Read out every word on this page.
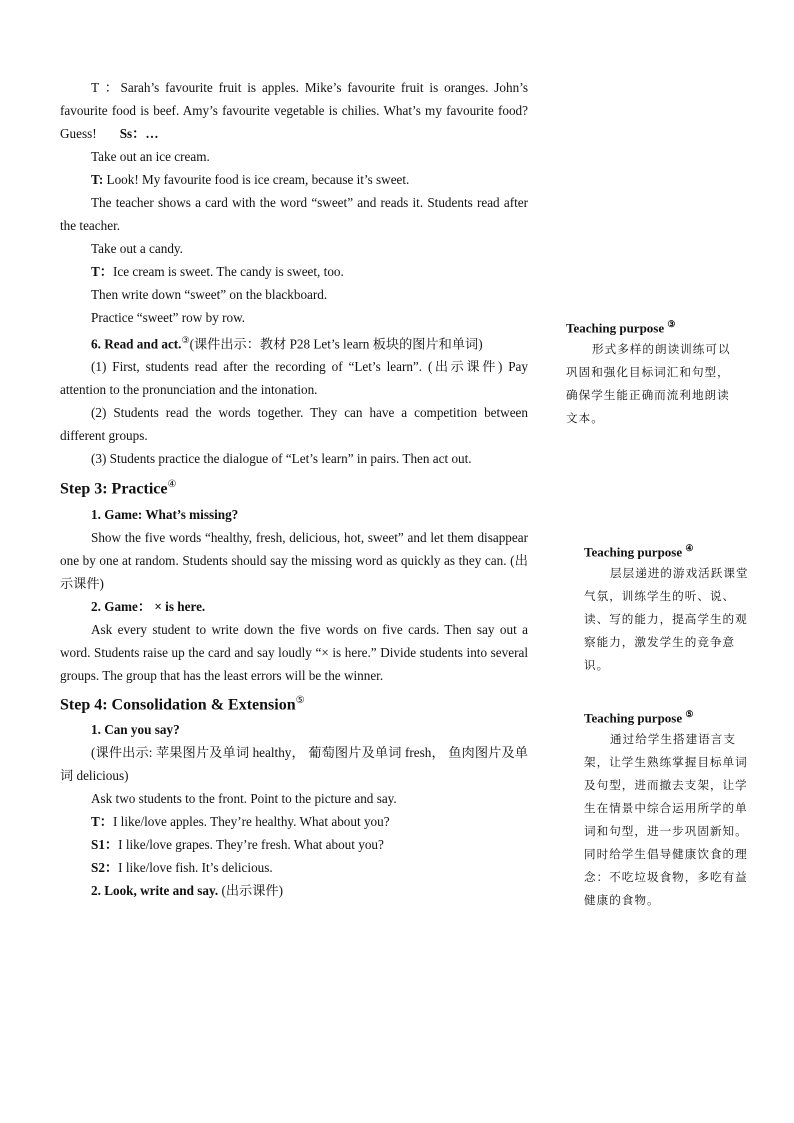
T ：Sarah’s favourite fruit is apples. Mike’s favourite fruit is oranges. John’s favourite food is beef. Amy’s favourite vegetable is chilies. What’s my favourite food? Guess! Ss：…

Take out an ice cream.

T: Look! My favourite food is ice cream, because it’s sweet.

The teacher shows a card with the word “sweet” and reads it. Students read after the teacher.

Take out a candy.

T：Ice cream is sweet. The candy is sweet, too.

Then write down “sweet” on the blackboard.

Practice “sweet” row by row.

6. Read and act.③(课件出示：教材 P28 Let’s learn 板块的图片和单词)

(1) First, students read after the recording of “Let’s learn”. (出示课件) Pay attention to the pronunciation and the intonation.

(2) Students read the words together. They can have a competition between different groups.

(3) Students practice the dialogue of “Let’s learn” in pairs. Then act out.

Step 3: Practice④

1. Game: What’s missing?

Show the five words “healthy, fresh, delicious, hot, sweet” and let them disappear one by one at random. Students should say the missing word as quickly as they can. (出示课件)

2. Game： × is here.

Ask every student to write down the five words on five cards. Then say out a word. Students raise up the card and say loudly “× is here.” Divide students into several groups. The group that has the least errors will be the winner.

Step 4: Consolidation & Extension⑤

1. Can you say?

(课件出示: 苹果图片及单词 healthy， 葡萄图片及单词 fresh， 鱼肉图片及单词 delicious)

Ask two students to the front. Point to the picture and say.

T：I like/love apples. They’re healthy. What about you?

S1：I like/love grapes. They’re fresh. What about you?

S2：I like/love fish. It’s delicious.

2. Look, write and say. (出示课件)

Teaching purpose ③

形式多样的朗读训练可以巩固和强化目标词汇和句型，确保学生能正确而流利地朗读文本。

Teaching purpose ④

层层递进的游戏活跃课堂气氛，训练学生的听、说、读、写的能力，提高学生的观察能力，激发学生的竞争意识。

Teaching purpose ⑤

通过给学生搭建语言支架，让学生熟练掌握目标单词及句型，进而撤去支架，让学生在情景中综合运用所学的单词和句型，进一步巩固新知。同时给学生倡导健康饮食的理念：不吃垃圾食物，多吃有益健康的食物。
